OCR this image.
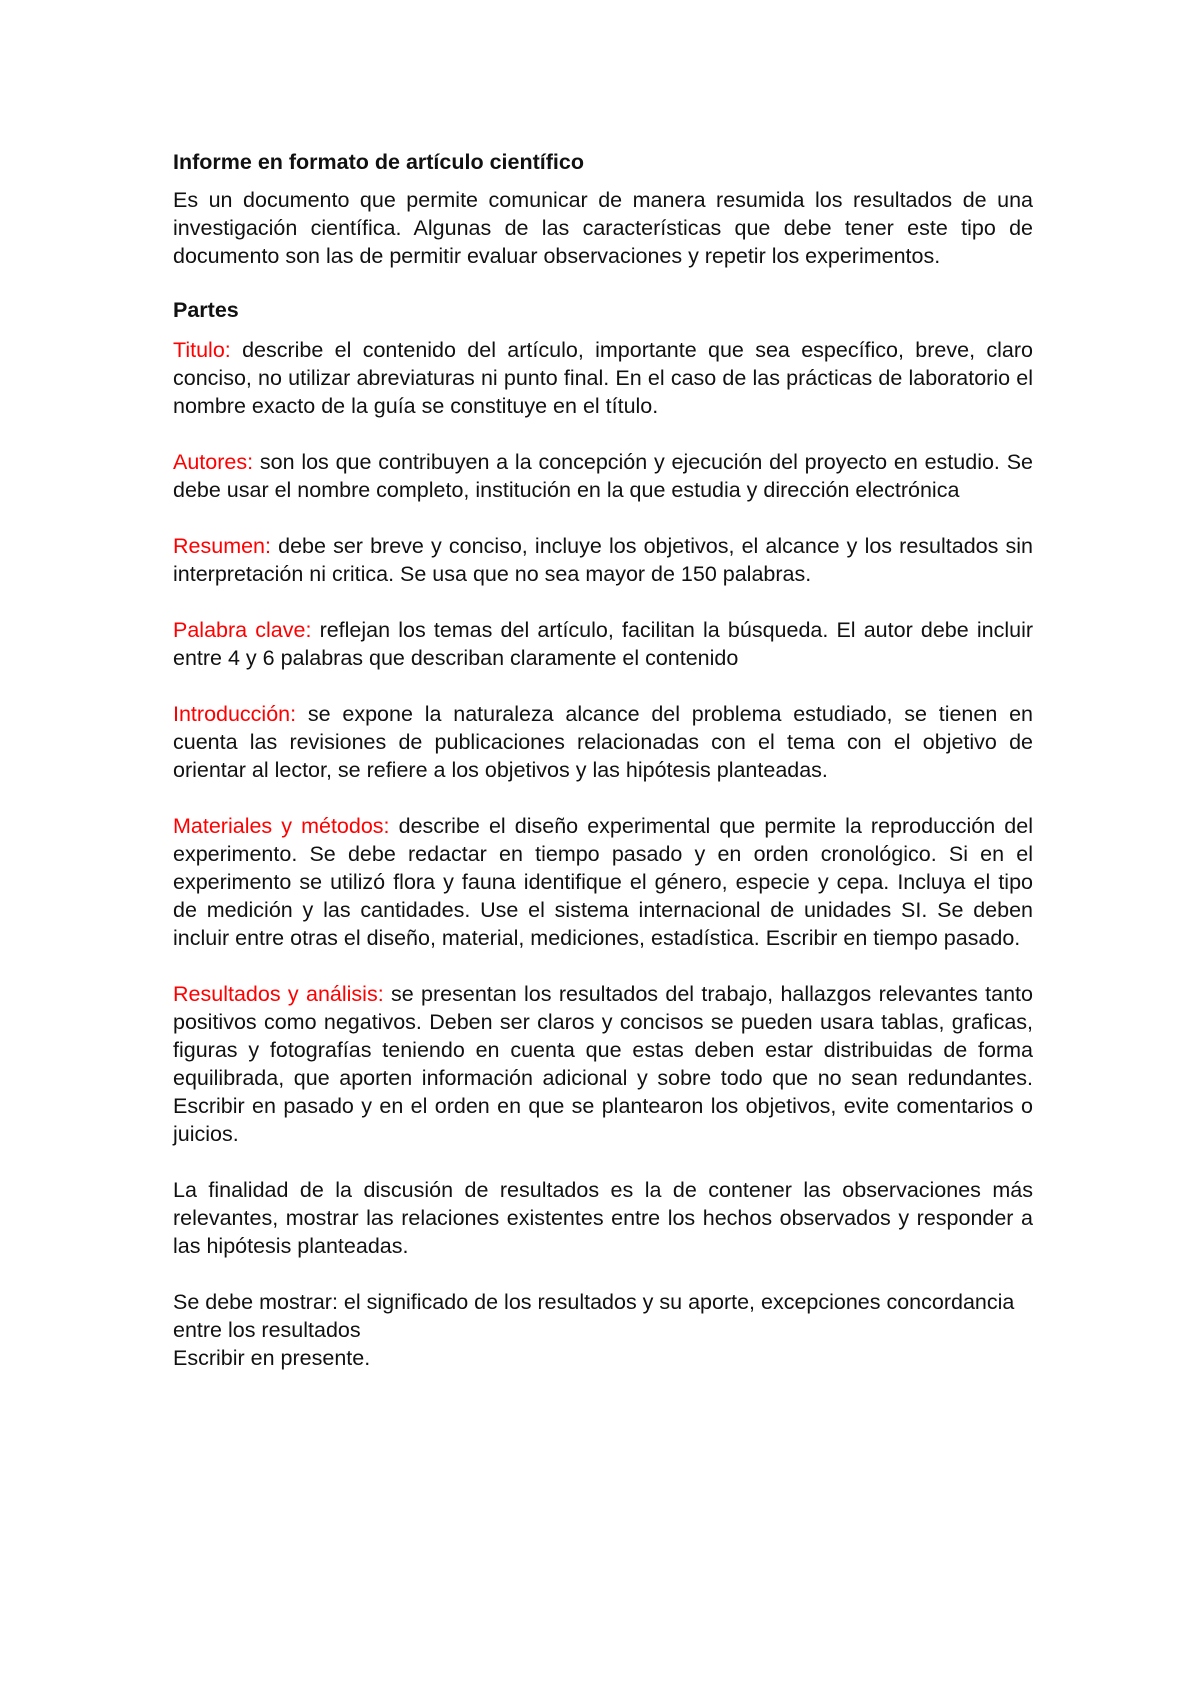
Informe en formato de artículo científico
Es un documento que permite comunicar de manera resumida los resultados de una investigación científica. Algunas de las características que debe tener este tipo de documento son las de permitir evaluar observaciones y repetir los experimentos.
Partes
Titulo: describe el contenido del artículo, importante que sea específico, breve, claro conciso, no utilizar abreviaturas ni punto final. En el caso de las prácticas de laboratorio el nombre exacto de la guía se constituye en el título.
Autores: son los que contribuyen a la concepción y ejecución del proyecto en estudio. Se debe usar el nombre completo, institución en la que estudia y dirección electrónica
Resumen: debe ser breve y conciso, incluye los objetivos, el alcance y los resultados sin interpretación ni critica. Se usa que no sea mayor de 150 palabras.
Palabra clave: reflejan los temas del artículo, facilitan la búsqueda. El autor debe incluir entre 4 y 6 palabras que describan claramente el contenido
Introducción: se expone la naturaleza alcance del problema estudiado, se tienen en cuenta las revisiones de publicaciones relacionadas con el tema con el objetivo de orientar al lector, se refiere a los objetivos y las hipótesis planteadas.
Materiales y métodos: describe el diseño experimental que permite la reproducción del experimento. Se debe redactar en tiempo pasado y en orden cronológico. Si en el experimento se utilizó flora y fauna identifique el género, especie y cepa. Incluya el tipo de medición y las cantidades. Use el sistema internacional de unidades SI. Se deben incluir entre otras el diseño, material, mediciones, estadística. Escribir en tiempo pasado.
Resultados y análisis: se presentan los resultados del trabajo, hallazgos relevantes tanto positivos como negativos. Deben ser claros y concisos se pueden usara tablas, graficas, figuras y fotografías teniendo en cuenta que estas deben estar distribuidas de forma equilibrada, que aporten información adicional y sobre todo que no sean redundantes. Escribir en pasado y en el orden en que se plantearon los objetivos, evite comentarios o juicios.
La finalidad de la discusión de resultados es la de contener las observaciones más relevantes, mostrar las relaciones existentes entre los hechos observados y responder a las hipótesis planteadas.
Se debe mostrar: el significado de los resultados y su aporte, excepciones concordancia entre los resultados
Escribir en presente.
